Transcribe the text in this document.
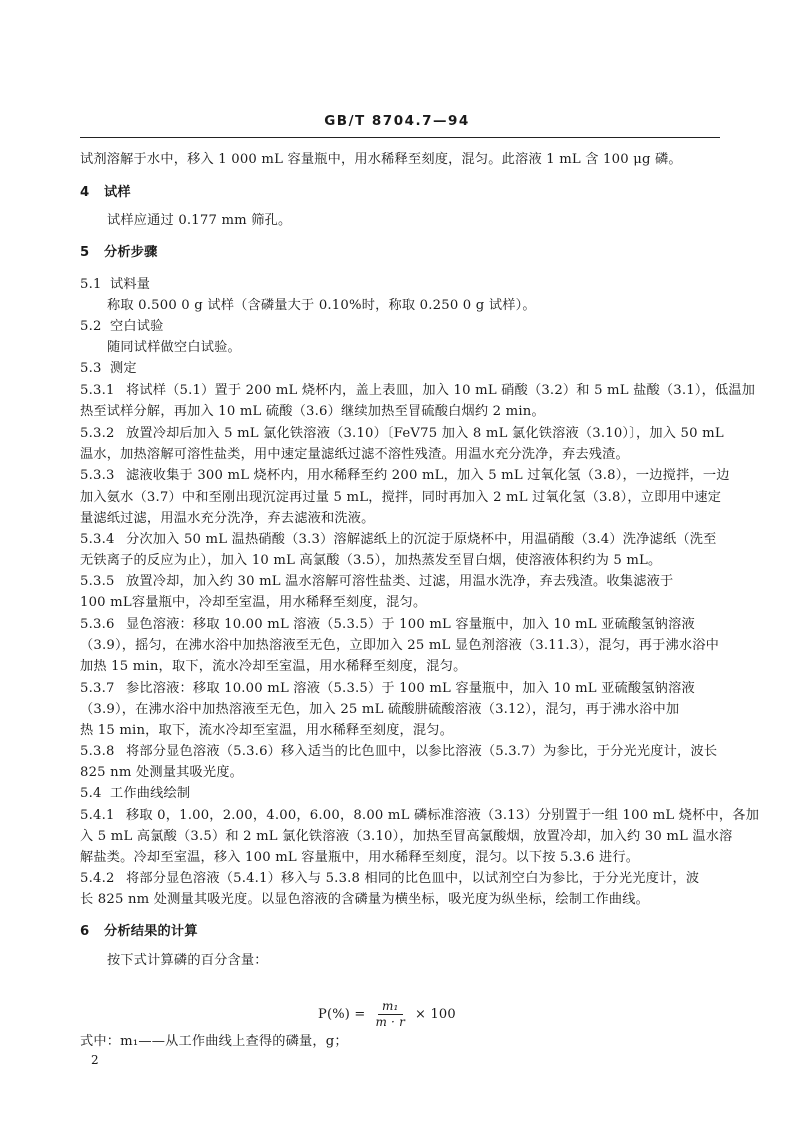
GB/T 8704.7—94
试剂溶解于水中，移入 1 000 mL 容量瓶中，用水稀释至刻度，混匀。此溶液 1 mL 含 100 μg 磷。
4 试样
试样应通过 0.177 mm 筛孔。
5 分析步骤
5.1 试料量
称取 0.500 0 g 试样（含磷量大于 0.10%时，称取 0.250 0 g 试样）。
5.2 空白试验
随同试样做空白试验。
5.3 测定
5.3.1 将试样（5.1）置于 200 mL 烧杯内，盖上表皿，加入 10 mL 硝酸（3.2）和 5 mL 盐酸（3.1），低温加
热至试样分解，再加入 10 mL 硫酸（3.6）继续加热至冒硫酸白烟约 2 min。
5.3.2 放置冷却后加入 5 mL 氯化铁溶液（3.10）〔FeV75 加入 8 mL 氯化铁溶液（3.10）〕，加入 50 mL
温水，加热溶解可溶性盐类，用中速定量滤纸过滤不溶性残渣。用温水充分洗净，弃去残渣。
5.3.3 滤液收集于 300 mL 烧杯内，用水稀释至约 200 mL，加入 5 mL 过氧化氢（3.8），一边搅拌，一边
加入氨水（3.7）中和至刚出现沉淀再过量 5 mL，搅拌，同时再加入 2 mL 过氧化氢（3.8），立即用中速定
量滤纸过滤，用温水充分洗净，弃去滤液和洗液。
5.3.4 分次加入 50 mL 温热硝酸（3.3）溶解滤纸上的沉淀于原烧杯中，用温硝酸（3.4）洗净滤纸（洗至
无铁离子的反应为止），加入 10 mL 高氯酸（3.5），加热蒸发至冒白烟，使溶液体积约为 5 mL。
5.3.5 放置冷却，加入约 30 mL 温水溶解可溶性盐类、过滤，用温水洗净，弃去残渣。收集滤液于
100 mL容量瓶中，冷却至室温，用水稀释至刻度，混匀。
5.3.6 显色溶液：移取 10.00 mL 溶液（5.3.5）于 100 mL 容量瓶中，加入 10 mL 亚硫酸氢钠溶液
（3.9），摇匀，在沸水浴中加热溶液至无色，立即加入 25 mL 显色剂溶液（3.11.3），混匀，再于沸水浴中
加热 15 min，取下，流水冷却至室温，用水稀释至刻度，混匀。
5.3.7 参比溶液：移取 10.00 mL 溶液（5.3.5）于 100 mL 容量瓶中，加入 10 mL 亚硫酸氢钠溶液
（3.9），在沸水浴中加热溶液至无色，加入 25 mL 硫酸肼硫酸溶液（3.12），混匀，再于沸水浴中加
热 15 min，取下，流水冷却至室温，用水稀释至刻度，混匀。
5.3.8 将部分显色溶液（5.3.6）移入适当的比色皿中，以参比溶液（5.3.7）为参比，于分光光度计，波长
825 nm 处测量其吸光度。
5.4 工作曲线绘制
5.4.1 移取 0，1.00，2.00，4.00，6.00，8.00 mL 磷标准溶液（3.13）分别置于一组 100 mL 烧杯中，各加
入 5 mL 高氯酸（3.5）和 2 mL 氯化铁溶液（3.10），加热至冒高氯酸烟，放置冷却，加入约 30 mL 温水溶
解盐类。冷却至室温，移入 100 mL 容量瓶中，用水稀释至刻度，混匀。以下按 5.3.6 进行。
5.4.2 将部分显色溶液（5.4.1）移入与 5.3.8 相同的比色皿中，以试剂空白为参比，于分光光度计，波
长 825 nm 处测量其吸光度。以显色溶液的含磷量为横坐标，吸光度为纵坐标，绘制工作曲线。
6 分析结果的计算
按下式计算磷的百分含量：
式中：m₁——从工作曲线上查得的磷量，g；
$P(\%) = \frac{\text{m₁}}{m \cdot r} \times 100$
2
